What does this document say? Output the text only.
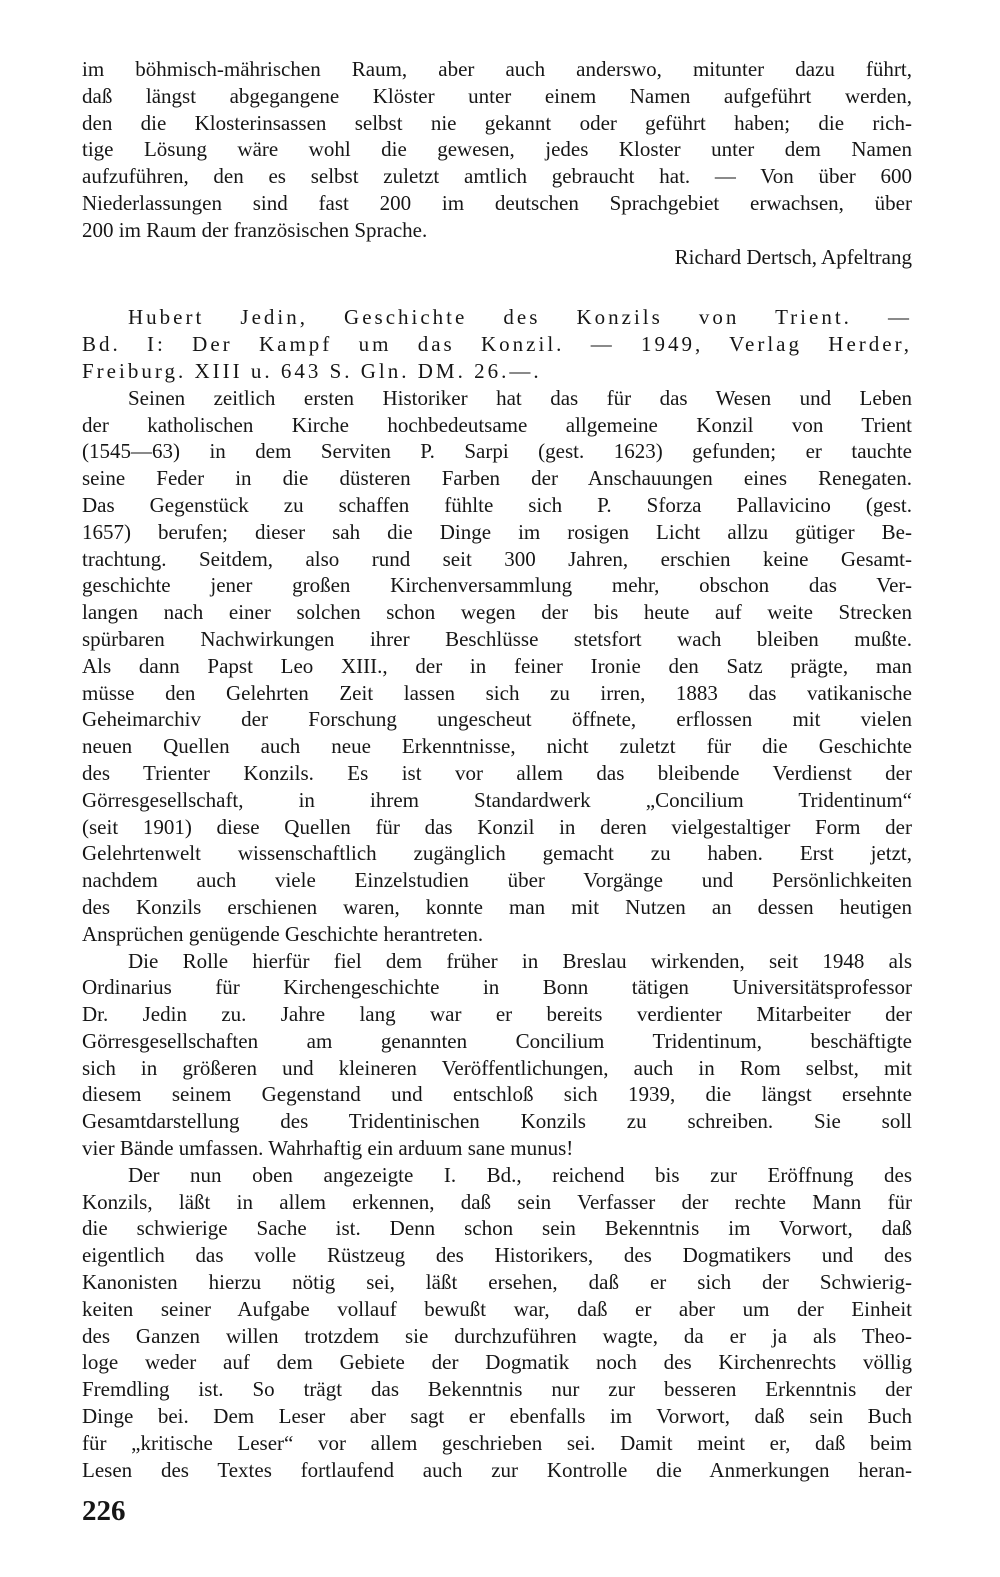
im böhmisch-mährischen Raum, aber auch anderswo, mitunter dazu führt,
daß längst abgegangene Klöster unter einem Namen aufgeführt werden,
den die Klosterinsassen selbst nie gekannt oder geführt haben; die rich-
tige Lösung wäre wohl die gewesen, jedes Kloster unter dem Namen
aufzuführen, den es selbst zuletzt amtlich gebraucht hat. — Von über 600
Niederlassungen sind fast 200 im deutschen Sprachgebiet erwachsen, über
200 im Raum der französischen Sprache.
Richard Dertsch, Apfeltrang
Hubert Jedin, Geschichte des Konzils von Trient. —
Bd. I: Der Kampf um das Konzil. — 1949, Verlag Herder,
Freiburg. XIII u. 643 S. Gln. DM. 26.—.
Seinen zeitlich ersten Historiker hat das für das Wesen und Leben
der katholischen Kirche hochbedeutsame allgemeine Konzil von Trient
(1545—63) in dem Serviten P. Sarpi (gest. 1623) gefunden; er tauchte
seine Feder in die düsteren Farben der Anschauungen eines Renegaten.
Das Gegenstück zu schaffen fühlte sich P. Sforza Pallavicino (gest.
1657) berufen; dieser sah die Dinge im rosigen Licht allzu gütiger Be-
trachtung. Seitdem, also rund seit 300 Jahren, erschien keine Gesamt-
geschichte jener großen Kirchenversammlung mehr, obschon das Ver-
langen nach einer solchen schon wegen der bis heute auf weite Strecken
spürbaren Nachwirkungen ihrer Beschlüsse stetsfort wach bleiben mußte.
Als dann Papst Leo XIII., der in feiner Ironie den Satz prägte, man
müsse den Gelehrten Zeit lassen sich zu irren, 1883 das vatikanische
Geheimarchiv der Forschung ungescheut öffnete, erflossen mit vielen
neuen Quellen auch neue Erkenntnisse, nicht zuletzt für die Geschichte
des Trienter Konzils. Es ist vor allem das bleibende Verdienst der
Görresgesellschaft, in ihrem Standardwerk „Concilium Tridentinum“
(seit 1901) diese Quellen für das Konzil in deren vielgestaltiger Form der
Gelehrtenwelt wissenschaftlich zugänglich gemacht zu haben. Erst jetzt,
nachdem auch viele Einzelstudien über Vorgänge und Persönlichkeiten
des Konzils erschienen waren, konnte man mit Nutzen an dessen heutigen
Ansprüchen genügende Geschichte herantreten.
Die Rolle hierfür fiel dem früher in Breslau wirkenden, seit 1948 als
Ordinarius für Kirchengeschichte in Bonn tätigen Universitätsprofessor
Dr. Jedin zu. Jahre lang war er bereits verdienter Mitarbeiter der
Görresgesellschaften am genannten Concilium Tridentinum, beschäftigte
sich in größeren und kleineren Veröffentlichungen, auch in Rom selbst, mit
diesem seinem Gegenstand und entschloß sich 1939, die längst ersehnte
Gesamtdarstellung des Tridentinischen Konzils zu schreiben. Sie soll
vier Bände umfassen. Wahrhaftig ein arduum sane munus!
Der nun oben angezeigte I. Bd., reichend bis zur Eröffnung des
Konzils, läßt in allem erkennen, daß sein Verfasser der rechte Mann für
die schwierige Sache ist. Denn schon sein Bekenntnis im Vorwort, daß
eigentlich das volle Rüstzeug des Historikers, des Dogmatikers und des
Kanonisten hierzu nötig sei, läßt ersehen, daß er sich der Schwierig-
keiten seiner Aufgabe vollauf bewußt war, daß er aber um der Einheit
des Ganzen willen trotzdem sie durchzuführen wagte, da er ja als Theo-
loge weder auf dem Gebiete der Dogmatik noch des Kirchenrechts völlig
Fremdling ist. So trägt das Bekenntnis nur zur besseren Erkenntnis der
Dinge bei. Dem Leser aber sagt er ebenfalls im Vorwort, daß sein Buch
für „kritische Leser“ vor allem geschrieben sei. Damit meint er, daß beim
Lesen des Textes fortlaufend auch zur Kontrolle die Anmerkungen heran-
226
